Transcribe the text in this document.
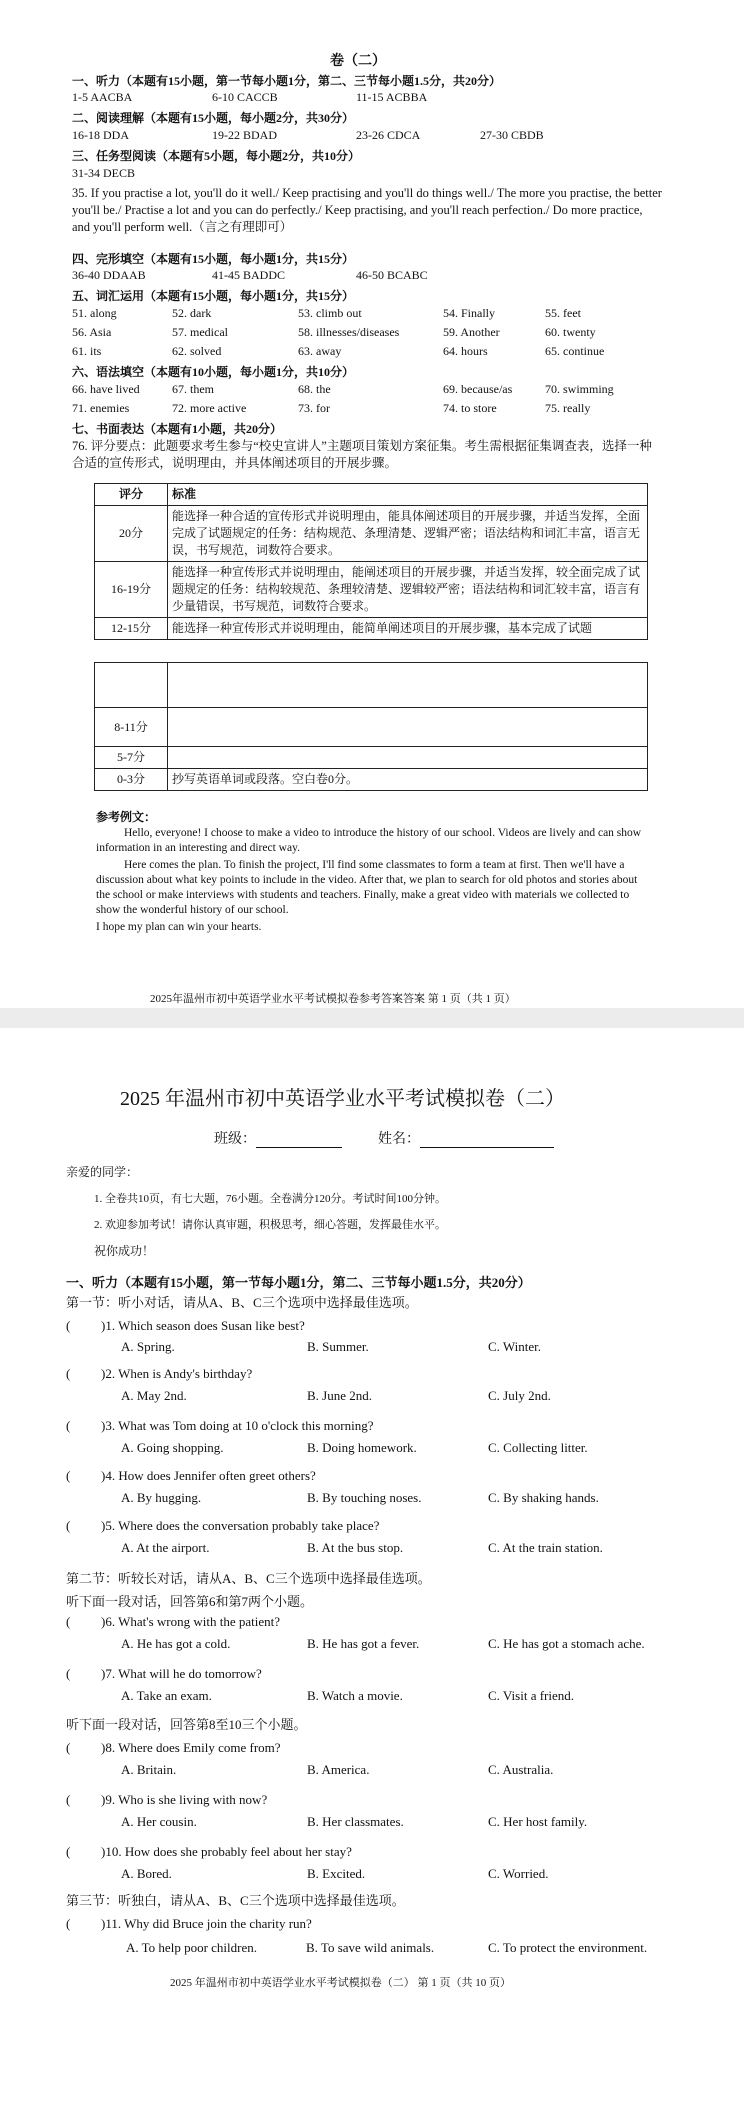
卷（二）
一、听力（本题有15小题，第一节每小题1分，第二、三节每小题1.5分，共20分）
1-5 AACBA	6-10 CACCB	11-15 ACBBA
二、阅读理解（本题有15小题，每小题2分，共30分）
16-18 DDA	19-22 BDAD	23-26 CDCA	27-30 CBDB
三、任务型阅读（本题有5小题，每小题2分，共10分）
31-34 DECB
35. If you practise a lot, you'll do it well./ Keep practising and you'll do things well./ The more you practise, the better you'll be./ Practise a lot and you can do perfectly./ Keep practising, and you'll reach perfection./ Do more practice, and you'll perform well.（言之有理即可）
四、完形填空（本题有15小题，每小题1分，共15分）
36-40 DDAAB	41-45 BADDC	46-50 BCABC
五、词汇运用（本题有15小题，每小题1分，共15分）
51. along	52. dark	53. climb out	54. Finally	55. feet
56. Asia	57. medical	58. illnesses/diseases	59. Another	60. twenty
61. its	62. solved	63. away	64. hours	65. continue
六、语法填空（本题有10小题，每小题1分，共10分）
66. have lived	67. them	68. the	69. because/as	70. swimming
71. enemies	72. more active	73. for	74. to store	75. really
七、书面表达（本题有1小题，共20分）
76. 评分要点：此题要求考生参与“校史宣讲人”主题项目策划方案征集。考生需根据征集调查表，选择一种合适的宣传形式，说明理由，并具体阐述项目的开展步骤。
评分	标准
20分	能选择一种合适的宣传形式并说明理由，能具体阐述项目的开展步骤，并适当发挥，全面完成了试题规定的任务：结构规范、条理清楚、逻辑严密；语法结构和词汇丰富，语言无误，书写规范，词数符合要求。
16-19分	能选择一种宣传形式并说明理由，能阐述项目的开展步骤，并适当发挥，较全面完成了试题规定的任务：结构较规范、条理较清楚、逻辑较严密；语法结构和词汇较丰富，语言有少量错误，书写规范，词数符合要求。
12-15分	能选择一种宣传形式并说明理由，能简单阐述项目的开展步骤，基本完成了试题

8-11分	
5-7分	
0-3分	抄写英语单词或段落。空白卷0分。
参考例文：
Hello, everyone! I choose to make a video to introduce the history of our school. Videos are lively and can show information in an interesting and direct way.
Here comes the plan. To finish the project, I'll find some classmates to form a team at first. Then we'll have a discussion about what key points to include in the video. After that, we plan to search for old photos and stories about the school or make interviews with students and teachers. Finally, make a great video with materials we collected to show the wonderful history of our school.
I hope my plan can win your hearts.
2025年温州市初中英语学业水平考试模拟卷参考答案答案 第 1 页（共 1 页）
2025 年温州市初中英语学业水平考试模拟卷（二）
班级：	姓名：
亲爱的同学：
1. 全卷共10页，有七大题，76小题。全卷满分120分。考试时间100分钟。
2. 欢迎参加考试！请你认真审题，积极思考，细心答题，发挥最佳水平。
祝你成功！
一、听力（本题有15小题，第一节每小题1分，第二、三节每小题1.5分，共20分）
第一节：听小对话，请从A、B、C三个选项中选择最佳选项。
( )1. Which season does Susan like best?
A. Spring.	B. Summer.	C. Winter.
( )2. When is Andy's birthday?
A. May 2nd.	B. June 2nd.	C. July 2nd.
( )3. What was Tom doing at 10 o'clock this morning?
A. Going shopping.	B. Doing homework.	C. Collecting litter.
( )4. How does Jennifer often greet others?
A. By hugging.	B. By touching noses.	C. By shaking hands.
( )5. Where does the conversation probably take place?
A. At the airport.	B. At the bus stop.	C. At the train station.
第二节：听较长对话，请从A、B、C三个选项中选择最佳选项。
听下面一段对话，回答第6和第7两个小题。
( )6. What's wrong with the patient?
A. He has got a cold.	B. He has got a fever.	C. He has got a stomach ache.
( )7. What will he do tomorrow?
A. Take an exam.	B. Watch a movie.	C. Visit a friend.
听下面一段对话，回答第8至10三个小题。
( )8. Where does Emily come from?
A. Britain.	B. America.	C. Australia.
( )9. Who is she living with now?
A. Her cousin.	B. Her classmates.	C. Her host family.
( )10. How does she probably feel about her stay?
A. Bored.	B. Excited.	C. Worried.
第三节：听独白，请从A、B、C三个选项中选择最佳选项。
( )11. Why did Bruce join the charity run?
A. To help poor children.	B. To save wild animals.	C. To protect the environment.
2025 年温州市初中英语学业水平考试模拟卷（二） 第 1 页（共 10 页）
